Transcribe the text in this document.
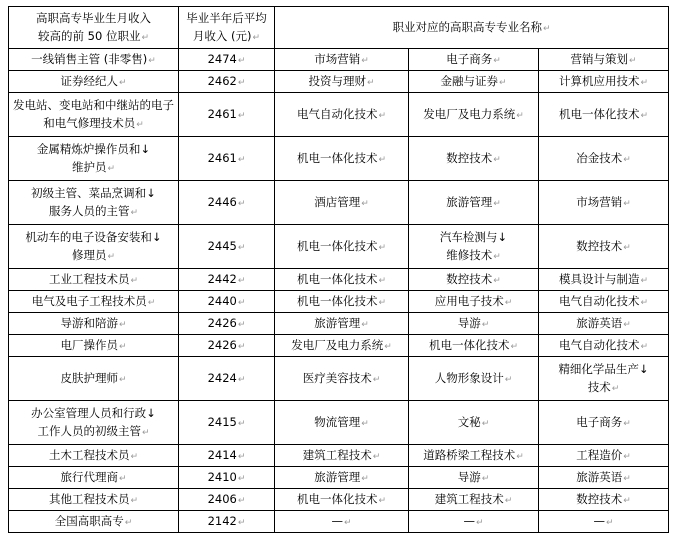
高职高专毕业生月收入
较高的前 50 位职业↵	毕业半年后平均
月收入 (元)↵	职业对应的高职高专专业名称↵		
一线销售主管 (非零售)↵	2474↵	市场营销↵	电子商务↵	营销与策划↵
证券经纪人↵	2462↵	投资与理财↵	金融与证券↵	计算机应用技术↵
发电站、变电站和中继站的电子
和电气修理技术员↵	2461↵	电气自动化技术↵	发电厂及电力系统↵	机电一体化技术↵
金属精炼炉操作员和↓
维护员↵	2461↵	机电一体化技术↵	数控技术↵	冶金技术↵
初级主管、菜品烹调和↓
服务人员的主管↵	2446↵	酒店管理↵	旅游管理↵	市场营销↵
机动车的电子设备安装和↓
修理员↵	2445↵	机电一体化技术↵	汽车检测与↓
维修技术↵	数控技术↵
工业工程技术员↵	2442↵	机电一体化技术↵	数控技术↵	模具设计与制造↵
电气及电子工程技术员↵	2440↵	机电一体化技术↵	应用电子技术↵	电气自动化技术↵
导游和陪游↵	2426↵	旅游管理↵	导游↵	旅游英语↵
电厂操作员↵	2426↵	发电厂及电力系统↵	机电一体化技术↵	电气自动化技术↵
皮肤护理师↵	2424↵	医疗美容技术↵	人物形象设计↵	精细化学品生产↓
技术↵
办公室管理人员和行政↓
工作人员的初级主管↵	2415↵	物流管理↵	文秘↵	电子商务↵
土木工程技术员↵	2414↵	建筑工程技术↵	道路桥梁工程技术↵	工程造价↵
旅行代理商↵	2410↵	旅游管理↵	导游↵	旅游英语↵
其他工程技术员↵	2406↵	机电一体化技术↵	建筑工程技术↵	数控技术↵
全国高职高专↵	2142↵	—↵	—↵	—↵
